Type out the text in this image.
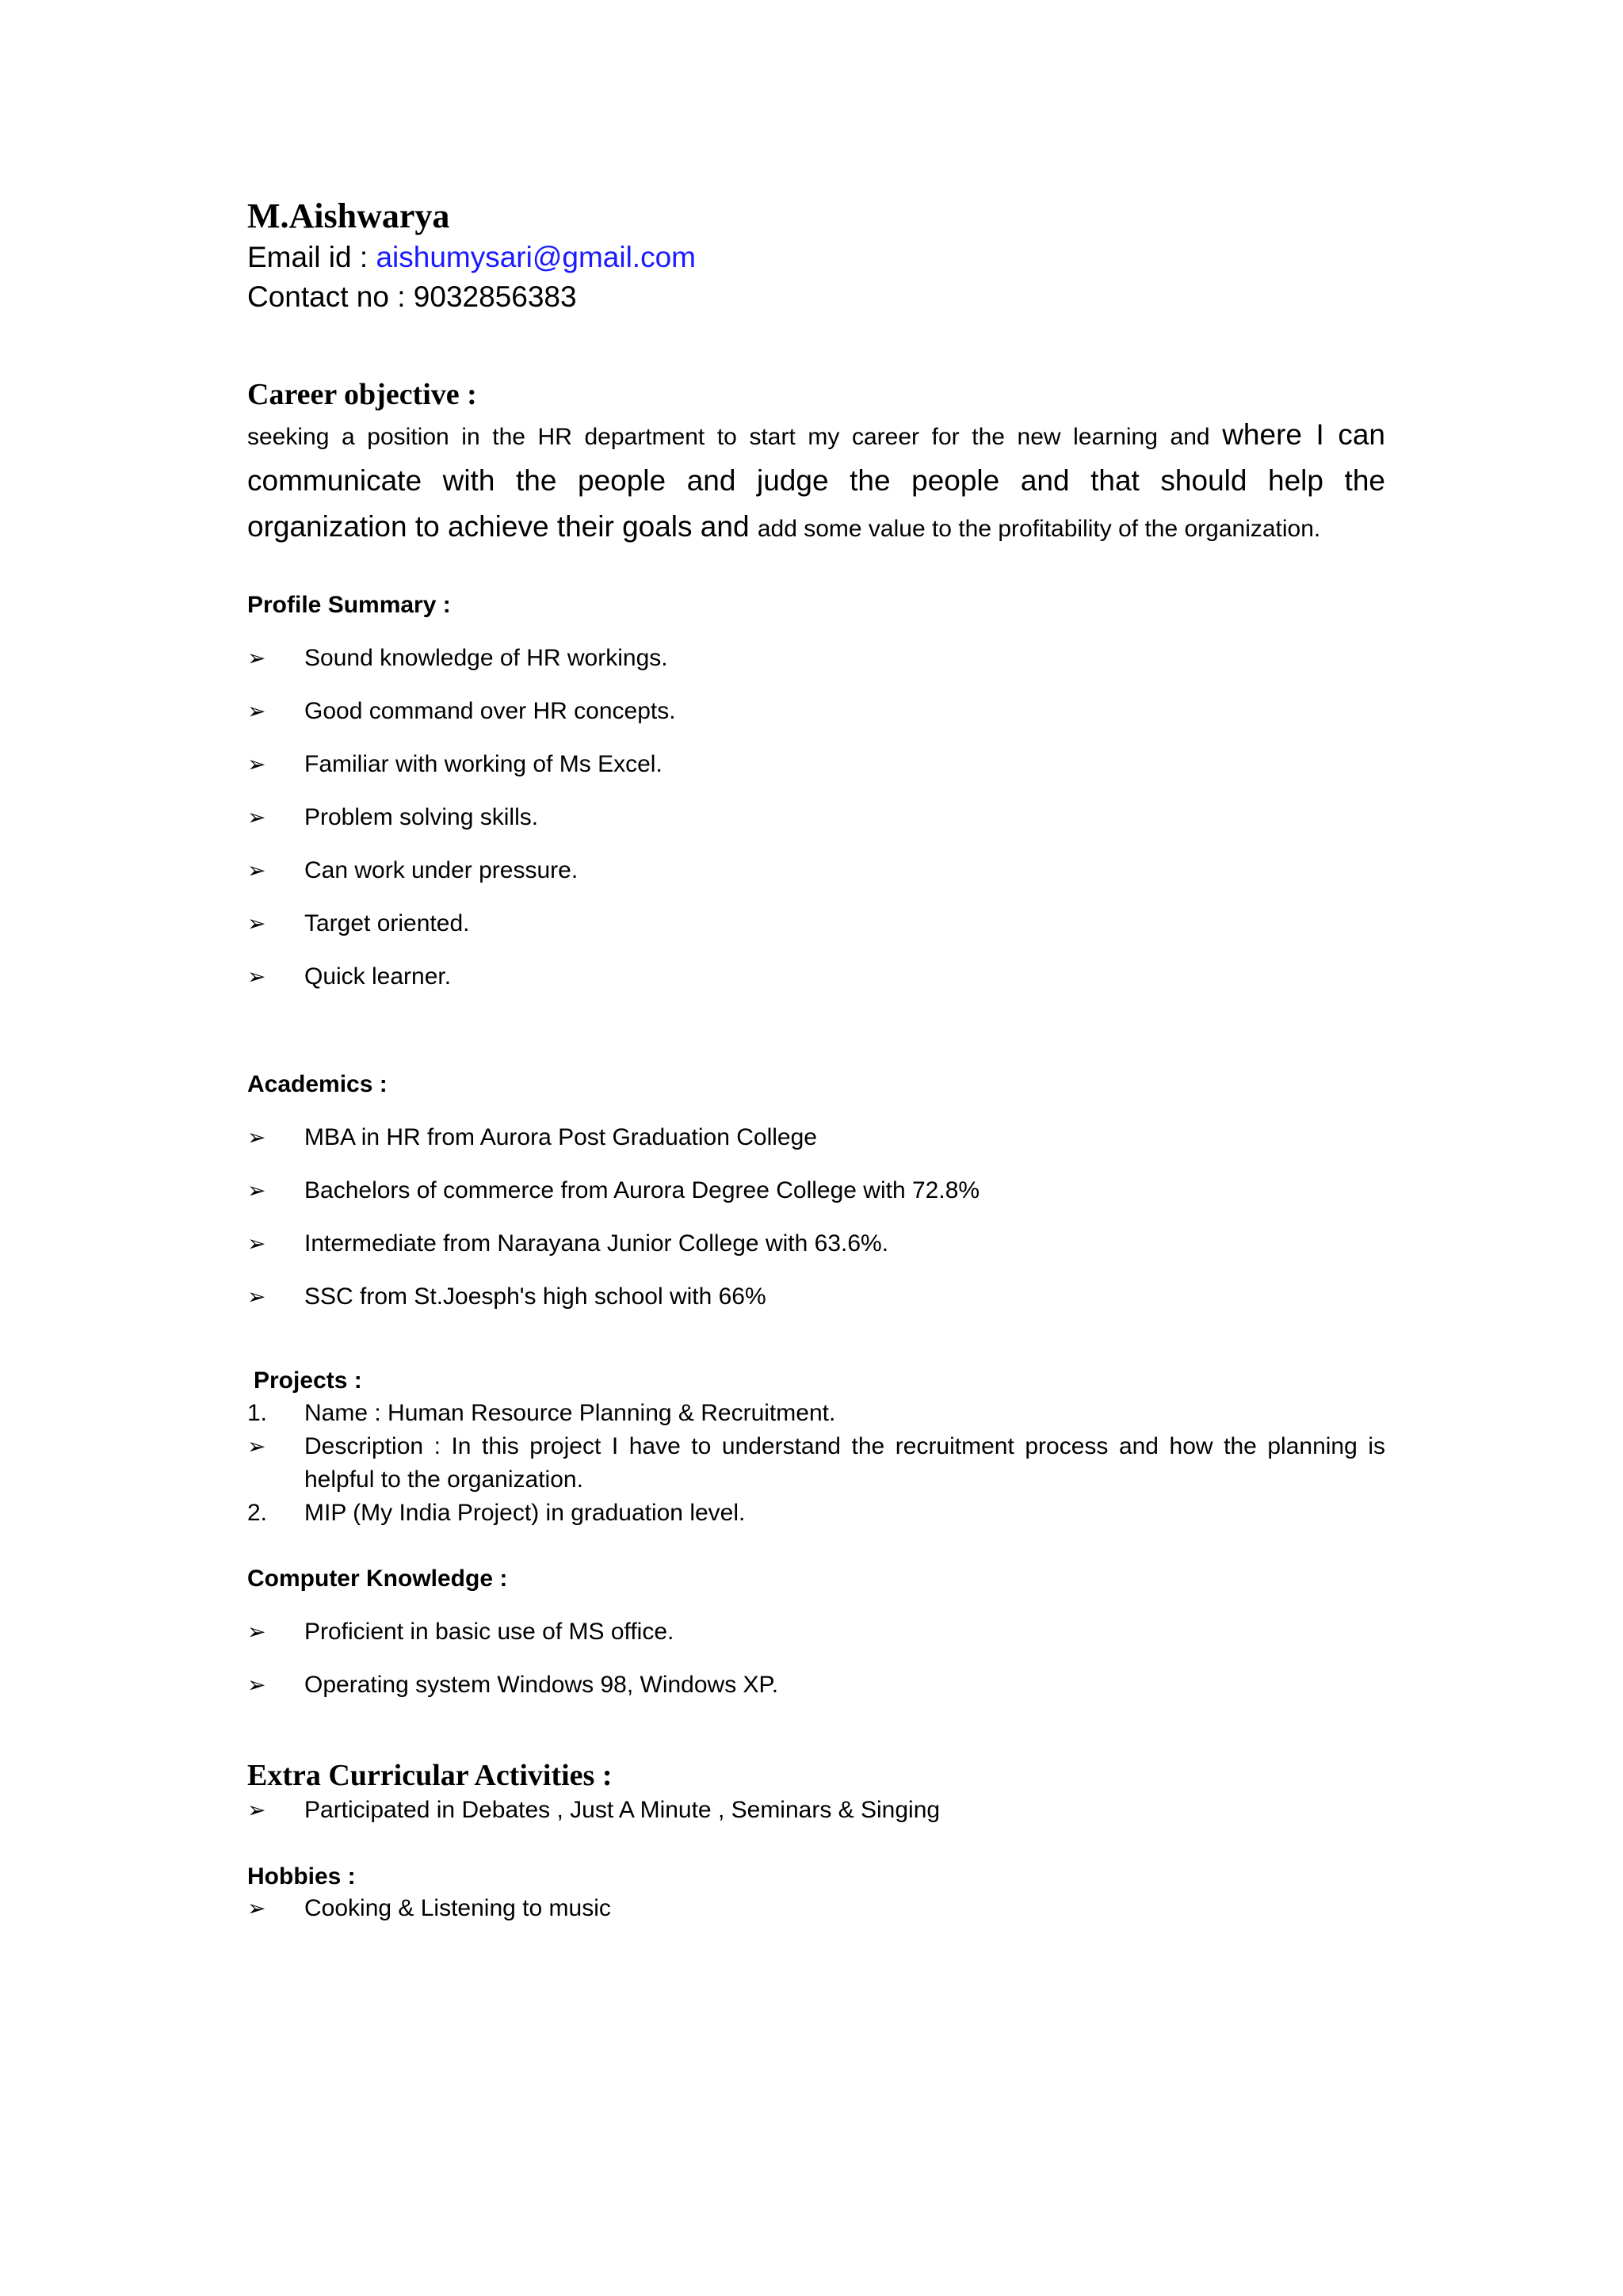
M.Aishwarya

Email id : aishumysari@gmail.com

Contact no : 9032856383

Career objective :

seeking a position in the HR department to start my career for the new learning and where I can communicate with the people and judge the people and that should help the organization to achieve their goals and add some value to the profitability of the organization.

Profile Summary :
➢ Sound knowledge of HR workings.
➢ Good command over HR concepts.
➢ Familiar with working of Ms Excel.
➢ Problem solving skills.
➢ Can work under pressure.
➢ Target oriented.
➢ Quick learner.
Academics :
➢ MBA in HR from Aurora Post Graduation College
➢ Bachelors of commerce from Aurora Degree College with 72.8%
➢ Intermediate from Narayana Junior College with 63.6%.
➢ SSC from St.Joesph's high school with 66%
Projects :
1. Name : Human Resource Planning & Recruitment.
➢ Description : In this project I have to understand the recruitment process and how the planning is helpful to the organization.
2. MIP (My India Project) in graduation level.
Computer Knowledge :
➢ Proficient in basic use of MS office.
➢ Operating system Windows 98, Windows XP.
Extra Curricular Activities :
➢ Participated in Debates , Just A Minute , Seminars & Singing
Hobbies :
➢ Cooking & Listening to music
